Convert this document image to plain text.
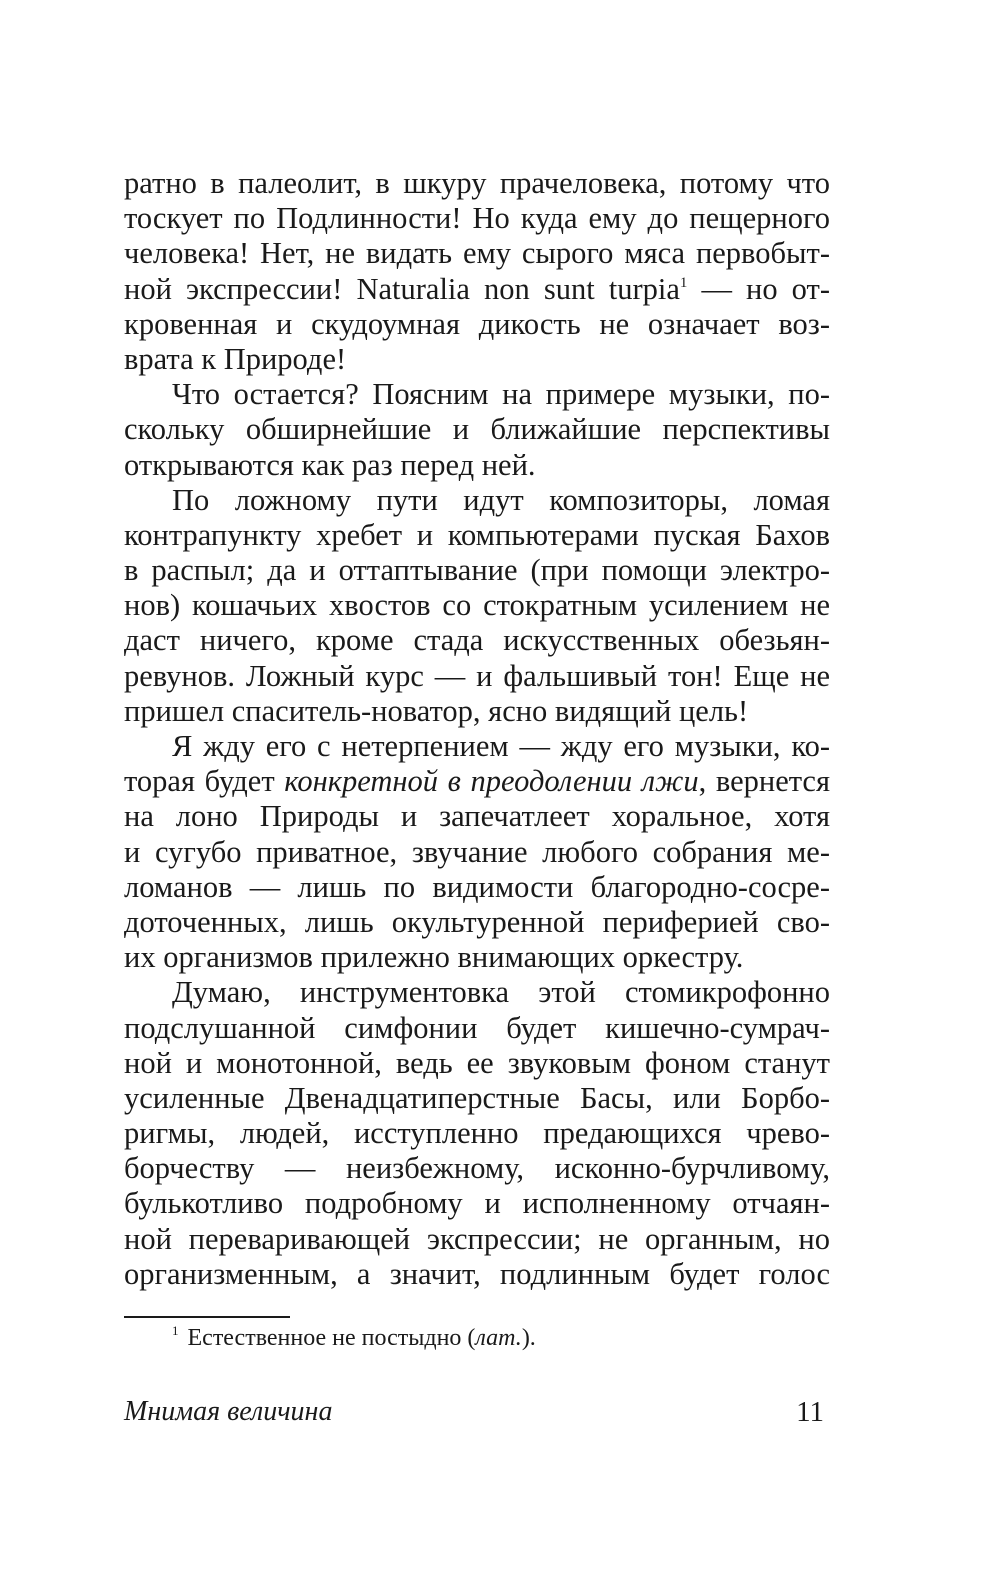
ратно в палеолит, в шкуру прачеловека, потому что
тоскует по Подлинности! Но куда ему до пещерного
человека! Нет, не видать ему сырого мяса первобыт-
ной экспрессии! Naturalia non sunt turpia$^1$ — но от-
кровенная и скудоумная дикость не означает воз-
врата к Природе!
Что остается? Поясним на примере музыки, по-
скольку обширнейшие и ближайшие перспективы
открываются как раз перед ней.
По ложному пути идут композиторы, ломая
контрапункту хребет и компьютерами пуская Бахов
в распыл; да и оттаптывание (при помощи электро-
нов) кошачьих хвостов со стократным усилением не
даст ничего, кроме стада искусственных обезьян-
ревунов. Ложный курс — и фальшивый тон! Еще не
пришел спаситель-новатор, ясно видящий цель!
Я жду его с нетерпением — жду его музыки, ко-
торая будет конкретной в преодолении лжи, вернется
на лоно Природы и запечатлеет хоральное, хотя
и сугубо приватное, звучание любого собрания ме-
ломанов — лишь по видимости благородно-сосре-
доточенных, лишь окультуренной периферией сво-
их организмов прилежно внимающих оркестру.
Думаю, инструментовка этой стомикрофонно
подслушанной симфонии будет кишечно-сумрач-
ной и монотонной, ведь ее звуковым фоном станут
усиленные Двенадцатиперстные Басы, или Борбо-
ригмы, людей, исступленно предающихся чрево-
борчеству — неизбежному, исконно-бурчливому,
булькотливо подробному и исполненному отчаян-
ной переваривающей экспрессии; не органным, но
организменным, а значит, подлинным будет голос
$^1$ Естественное не постыдно (лат.).
Мнимая величина	11
